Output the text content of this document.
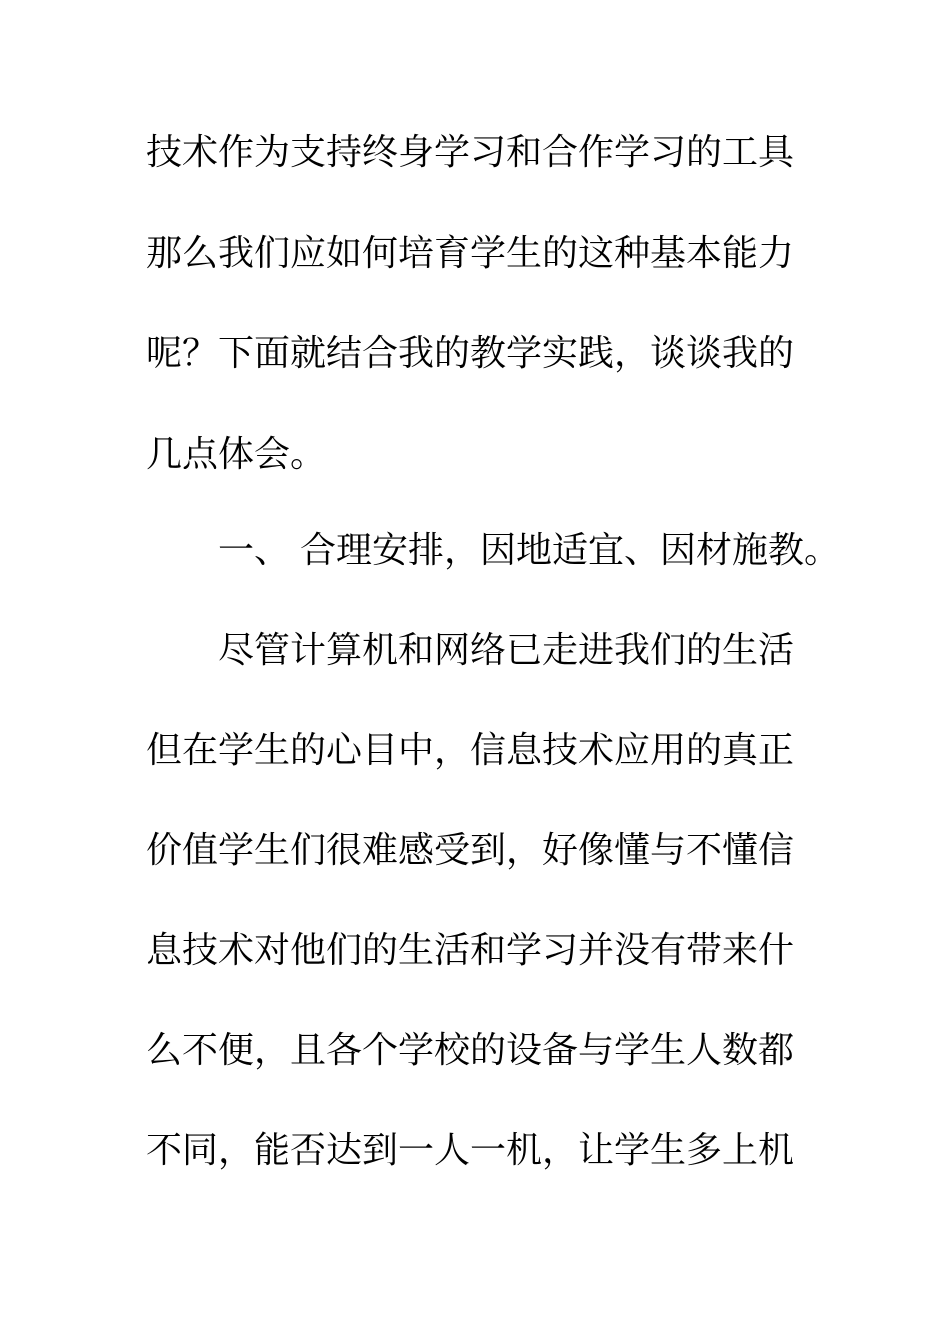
技术作为支持终身学习和合作学习的工具
那么我们应如何培育学生的这种基本能力
呢？下面就结合我的教学实践，谈谈我的
几点体会。
一、 合理安排，因地适宜、因材施教。
尽管计算机和网络已走进我们的生活
但在学生的心目中，信息技术应用的真正
价值学生们很难感受到，好像懂与不懂信
息技术对他们的生活和学习并没有带来什
么不便，且各个学校的设备与学生人数都
不同，能否达到一人一机，让学生多上机
